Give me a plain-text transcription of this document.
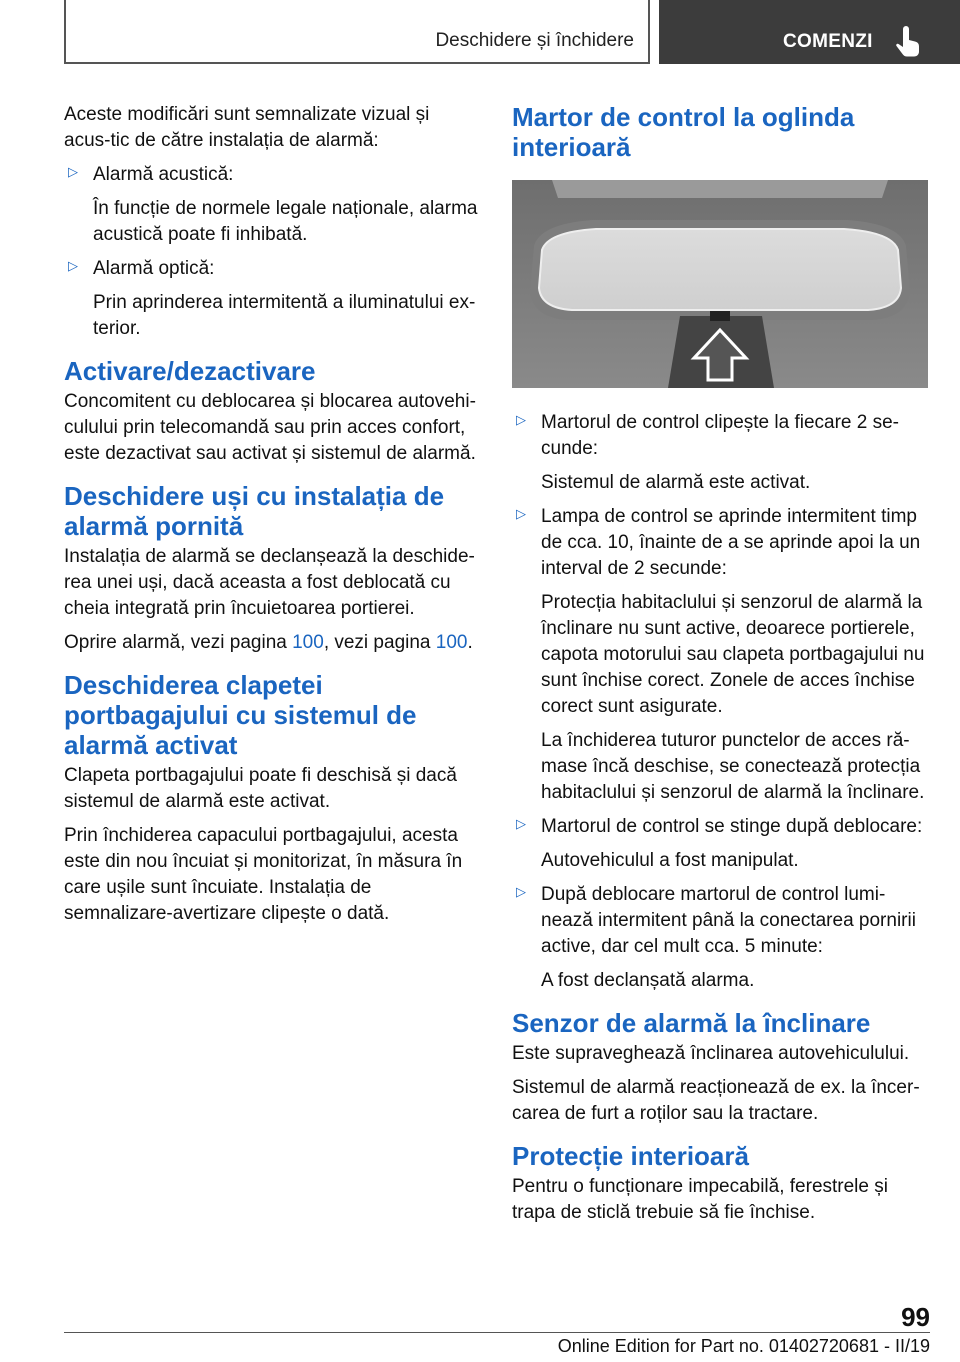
Deschidere și închidere	COMENZI

Aceste modificări sunt semnalizate vizual și acus-tic de către instalația de alarmă:

▷ Alarmă acustică:

În funcție de normele legale naționale, alarma acustică poate fi inhibată.

▷ Alarmă optică:

Prin aprinderea intermitentă a iluminatului ex-terior.

Activare/dezactivare

Concomitent cu deblocarea și blocarea autovehi-culului prin telecomandă sau prin acces confort, este dezactivat sau activat și sistemul de alarmă.

Deschidere uși cu instalația de alarmă pornită

Instalația de alarmă se declanșează la deschide-rea unei uși, dacă aceasta a fost deblocată cu cheia integrată prin încuietoarea portierei.

Oprire alarmă, vezi pagina 100, vezi pagina 100.

Deschiderea clapetei portbagajului cu sistemul de alarmă activat

Clapeta portbagajului poate fi deschisă și dacă sistemul de alarmă este activat.

Prin închiderea capacului portbagajului, acesta este din nou încuiat și monitorizat, în măsura în care ușile sunt încuiate. Instalația de semnalizare-avertizare clipește o dată.

Martor de control la oglinda interioară
▷ Martorul de control clipește la fiecare 2 se-cunde:

Sistemul de alarmă este activat.

▷ Lampa de control se aprinde intermitent timp de cca. 10, înainte de a se aprinde apoi la un interval de 2 secunde:

Protecția habitaclului și senzorul de alarmă la înclinare nu sunt active, deoarece portierele, capota motorului sau clapeta portbagajului nu sunt închise corect. Zonele de acces închise corect sunt asigurate.

La închiderea tuturor punctelor de acces ră-mase încă deschise, se conectează protecția habitaclului și senzorul de alarmă la înclinare.

▷ Martorul de control se stinge după deblocare:

Autovehiculul a fost manipulat.

▷ După deblocare martorul de control lumi-nează intermitent până la conectarea pornirii active, dar cel mult cca. 5 minute:

A fost declanșată alarma.

Senzor de alarmă la înclinare

Este supraveghează înclinarea autovehiculului.

Sistemul de alarmă reacționează de ex. la încer-carea de furt a roților sau la tractare.

Protecție interioară

Pentru o funcționare impecabilă, ferestrele și trapa de sticlă trebuie să fie închise.

99
Online Edition for Part no. 01402720681 - II/19
